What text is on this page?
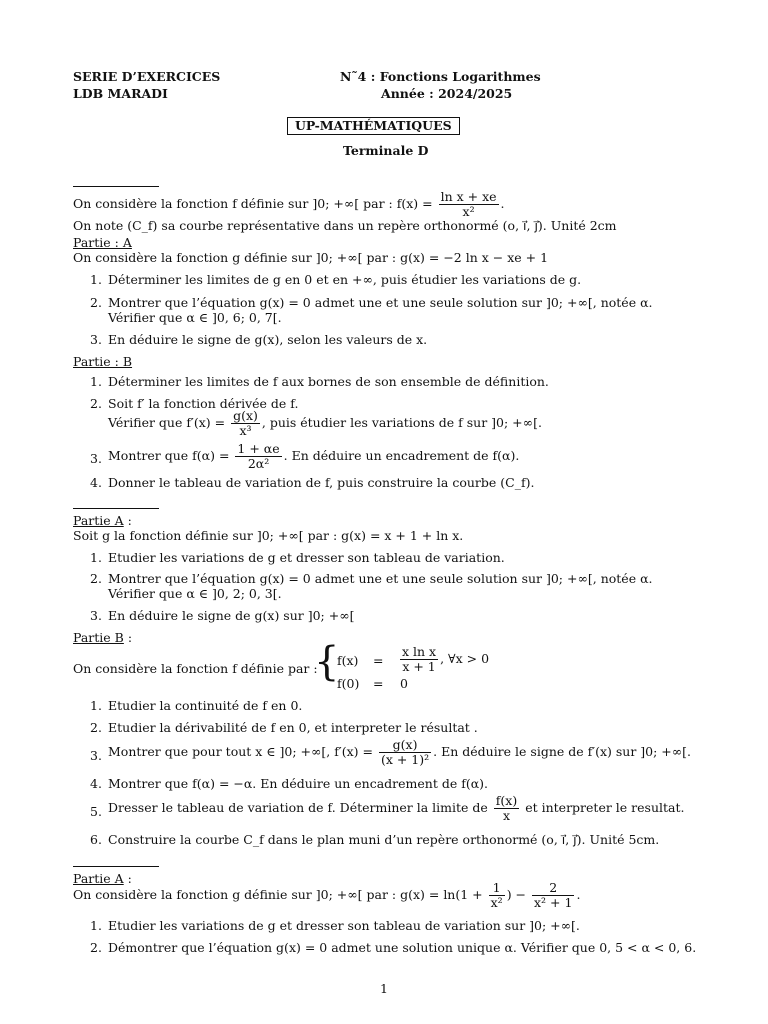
SERIE D’EXERCICES
LDB MARADI
N˜4 : Fonctions Logarithmes
Année : 2024/2025
UP-MATHÉMATIQUES
Terminale D
On considère la fonction f définie sur ]0; +∞[ par : $f(x) = \frac{\text{ln x + xe}}{\text{x²}}$ .
On note (C_f) sa courbe représentative dans un repère orthonormé (o, i⃗, j⃗). Unité 2cm
Partie : A
On considère la fonction g définie sur ]0; +∞[ par : g(x) = −2 ln x − xe + 1
1. Déterminer les limites de g en 0 et en +∞, puis étudier les variations de g.
2. Montrer que l’équation g(x) = 0 admet une et une seule solution sur ]0; +∞[, notée α.
Vérifier que α ∈ ]0, 6; 0, 7[.
3. En déduire le signe de g(x), selon les valeurs de x.
Partie : B
1. Déterminer les limites de f aux bornes de son ensemble de définition.
2. Soit f′ la fonction dérivée de f.
Vérifier que $f'(x) = \frac{g(x)}{\text{x³}}$ , puis étudier les variations de f sur ]0; +∞[.
3. Montrer que $f(\alpha) = \frac{1 + \alpha e}{\text{2α²}}$ . En déduire un encadrement de f(α).
4. Donner le tableau de variation de f, puis construire la courbe (C_f).
Partie A :
Soit g la fonction définie sur ]0; +∞[ par : g(x) = x + 1 + ln x.
1. Etudier les variations de g et dresser son tableau de variation.
2. Montrer que l’équation g(x) = 0 admet une et une seule solution sur ]0; +∞[, notée α.
Vérifier que α ∈ ]0, 2; 0, 3[.
3. En déduire le signe de g(x) sur ]0; +∞[
Partie B :
On considère la fonction f définie par :
{
$f(x) = \frac{\text{x ln x}}{x + 1}$ , ∀x > 0
f(0) = 0
1. Etudier la continuité de f en 0.
2. Etudier la dérivabilité de f en 0, et interpreter le résultat .
3. Montrer que pour tout x ∈ ]0; +∞[, $f'(x) = \frac{g(x)}{\text{(x + 1)²}}$ . En déduire le signe de f′(x) sur ]0; +∞[.
4. Montrer que f(α) = −α. En déduire un encadrement de f(α).
5. Dresser le tableau de variation de f. Déterminer la limite de $\frac{f(x)}{x}$ et interpreter le resultat.
6. Construire la courbe C_f dans le plan muni d’un repère orthonormé (o, i⃗, j⃗). Unité 5cm.
Partie A :
On considère la fonction g définie sur ]0; +∞[ par : $g(x) = \ln(1 + \frac{1}{\text{x²}}$ ) − $\frac{2}{\text{x² + 1}}$ .
1. Etudier les variations de g et dresser son tableau de variation sur ]0; +∞[.
2. Démontrer que l’équation g(x) = 0 admet une solution unique α. Vérifier que 0, 5 < α < 0, 6.
1
